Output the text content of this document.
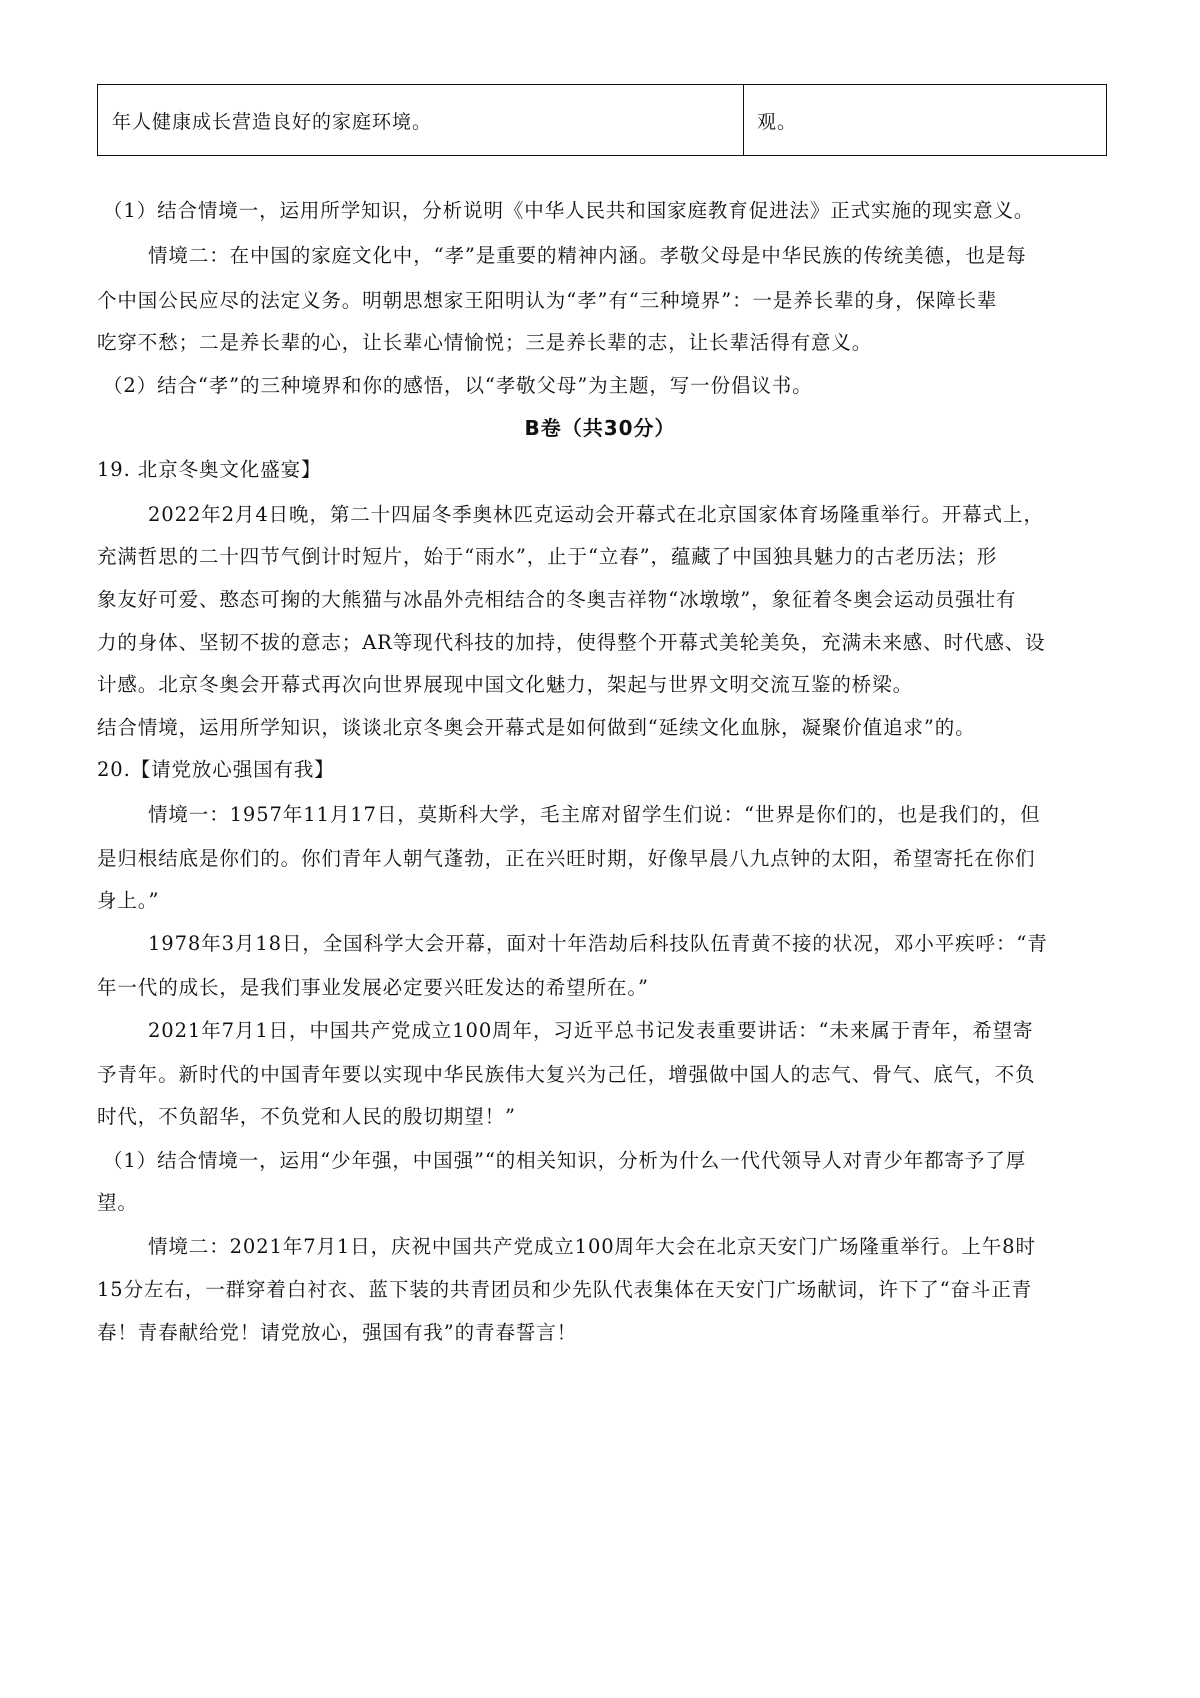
年人健康成长营造良好的家庭环境。	观。
（1）结合情境一，运用所学知识，分析说明《中华人民共和国家庭教育促进法》正式实施的现实意义。
情境二：在中国的家庭文化中，“孝”是重要的精神内涵。孝敬父母是中华民族的传统美德，也是每
个中国公民应尽的法定义务。明朝思想家王阳明认为“孝”有“三种境界”：一是养长辈的身，保障长辈
吃穿不愁；二是养长辈的心，让长辈心情愉悦；三是养长辈的志，让长辈活得有意义。
（2）结合“孝”的三种境界和你的感悟，以“孝敬父母”为主题，写一份倡议书。
B卷（共30分）
19. 北京冬奥文化盛宴】
2022年2月4日晚，第二十四届冬季奥林匹克运动会开幕式在北京国家体育场隆重举行。开幕式上，
充满哲思的二十四节气倒计时短片，始于“雨水”，止于“立春”，蕴藏了中国独具魅力的古老历法；形
象友好可爱、憨态可掬的大熊猫与冰晶外壳相结合的冬奥吉祥物“冰墩墩”，象征着冬奥会运动员强壮有
力的身体、坚韧不拔的意志；AR等现代科技的加持，使得整个开幕式美轮美奂，充满未来感、时代感、设
计感。北京冬奥会开幕式再次向世界展现中国文化魅力，架起与世界文明交流互鉴的桥梁。
结合情境，运用所学知识，谈谈北京冬奥会开幕式是如何做到“延续文化血脉，凝聚价值追求”的。
20.【请党放心强国有我】
情境一：1957年11月17日，莫斯科大学，毛主席对留学生们说：“世界是你们的，也是我们的，但
是归根结底是你们的。你们青年人朝气蓬勃，正在兴旺时期，好像早晨八九点钟的太阳，希望寄托在你们
身上。”
1978年3月18日，全国科学大会开幕，面对十年浩劫后科技队伍青黄不接的状况，邓小平疾呼：“青
年一代的成长，是我们事业发展必定要兴旺发达的希望所在。”
2021年7月1日，中国共产党成立100周年，习近平总书记发表重要讲话：“未来属于青年，希望寄
予青年。新时代的中国青年要以实现中华民族伟大复兴为己任，增强做中国人的志气、骨气、底气，不负
时代，不负韶华，不负党和人民的殷切期望！”
（1）结合情境一，运用“少年强，中国强”“的相关知识，分析为什么一代代领导人对青少年都寄予了厚
望。
情境二：2021年7月1日，庆祝中国共产党成立100周年大会在北京天安门广场隆重举行。上午8时
15分左右，一群穿着白衬衣、蓝下装的共青团员和少先队代表集体在天安门广场献词，许下了“奋斗正青
春！青春献给党！请党放心，强国有我”的青春誓言！
